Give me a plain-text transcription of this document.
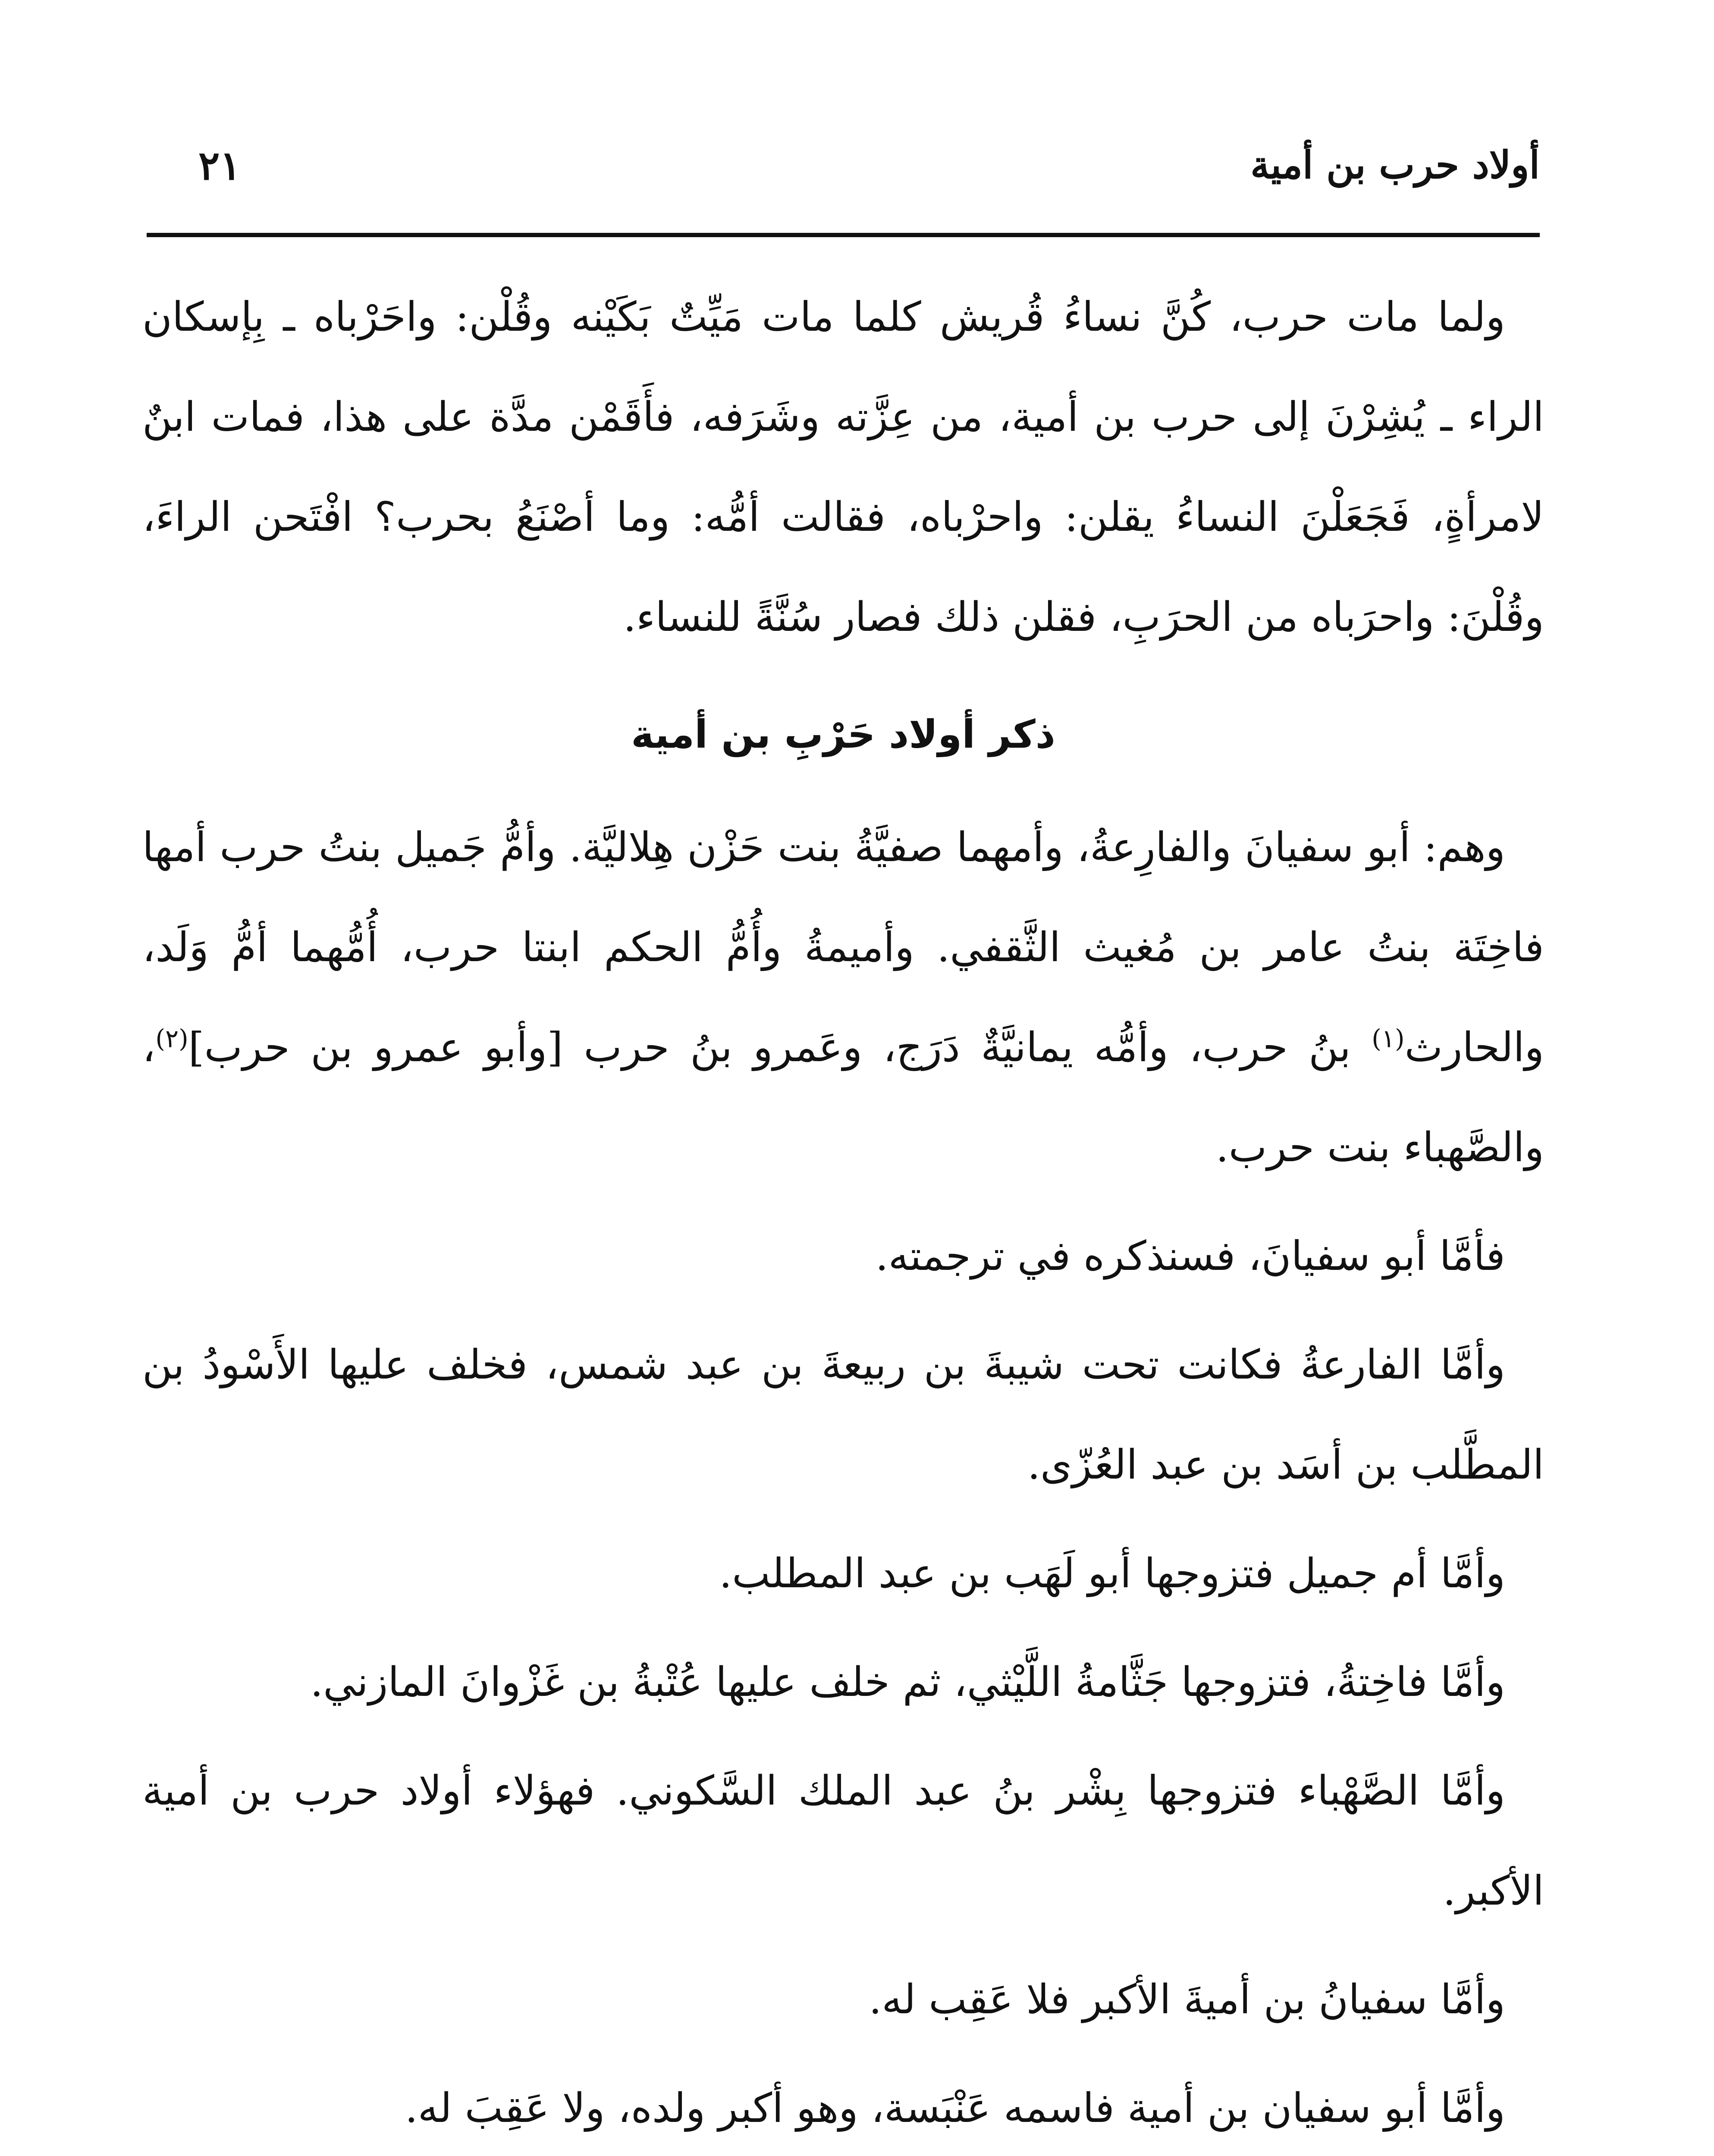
أولاد حرب بن أمية
٢١

ولما مات حرب، كُنَّ نساءُ قُريش كلما مات مَيِّتٌ بَكَيْنه وقُلْن: واحَرْباه ـ بِإسكان الراء ـ يُشِرْنَ إلى حرب بن أمية، من عِزَّته وشَرَفه، فأَقَمْن مدَّة على هذا، فمات ابنٌ لامرأةٍ، فَجَعَلْنَ النساءُ يقلن: واحرْباه، فقالت أمُّه: وما أصْنَعُ بحرب؟ افْتَحن الراءَ، وقُلْنَ: واحرَباه من الحرَبِ، فقلن ذلك فصار سُنَّةً للنساء.

ذكر أولاد حَرْبِ بن أمية

وهم: أبو سفيانَ والفارِعةُ، وأمهما صفيَّةُ بنت حَزْن هِلاليَّة. وأمُّ جَميل بنتُ حرب أمها فاخِتَة بنتُ عامر بن مُغيث الثَّقفي. وأميمةُ وأُمُّ الحكم ابنتا حرب، أُمُّهما أمُّ وَلَد، والحارث$^{(١)}$ بنُ حرب، وأمُّه يمانيَّةٌ دَرَج، وعَمرو بنُ حرب [وأبو عمرو بن حرب]$^{(٢)}$، والصَّهباء بنت حرب.

فأمَّا أبو سفيانَ، فسنذكره في ترجمته.

وأمَّا الفارعةُ فكانت تحت شيبةَ بن ربيعةَ بن عبد شمس، فخلف عليها الأَسْودُ بن المطَّلب بن أسَد بن عبد العُزّى.

وأمَّا أم جميل فتزوجها أبو لَهَب بن عبد المطلب.

وأمَّا فاخِتةُ، فتزوجها جَثَّامةُ اللَّيْثي، ثم خلف عليها عُتْبةُ بن غَزْوانَ المازني.

وأمَّا الصَّهْباء فتزوجها بِشْر بنُ عبد الملك السَّكوني. فهؤلاء أولاد حرب بن أمية الأكبر.

وأمَّا سفيانُ بن أميةَ الأكبر فلا عَقِب له.

وأمَّا أبو سفيان بن أمية فاسمه عَنْبَسة، وهو أكبر ولده، ولا عَقِبَ له.
